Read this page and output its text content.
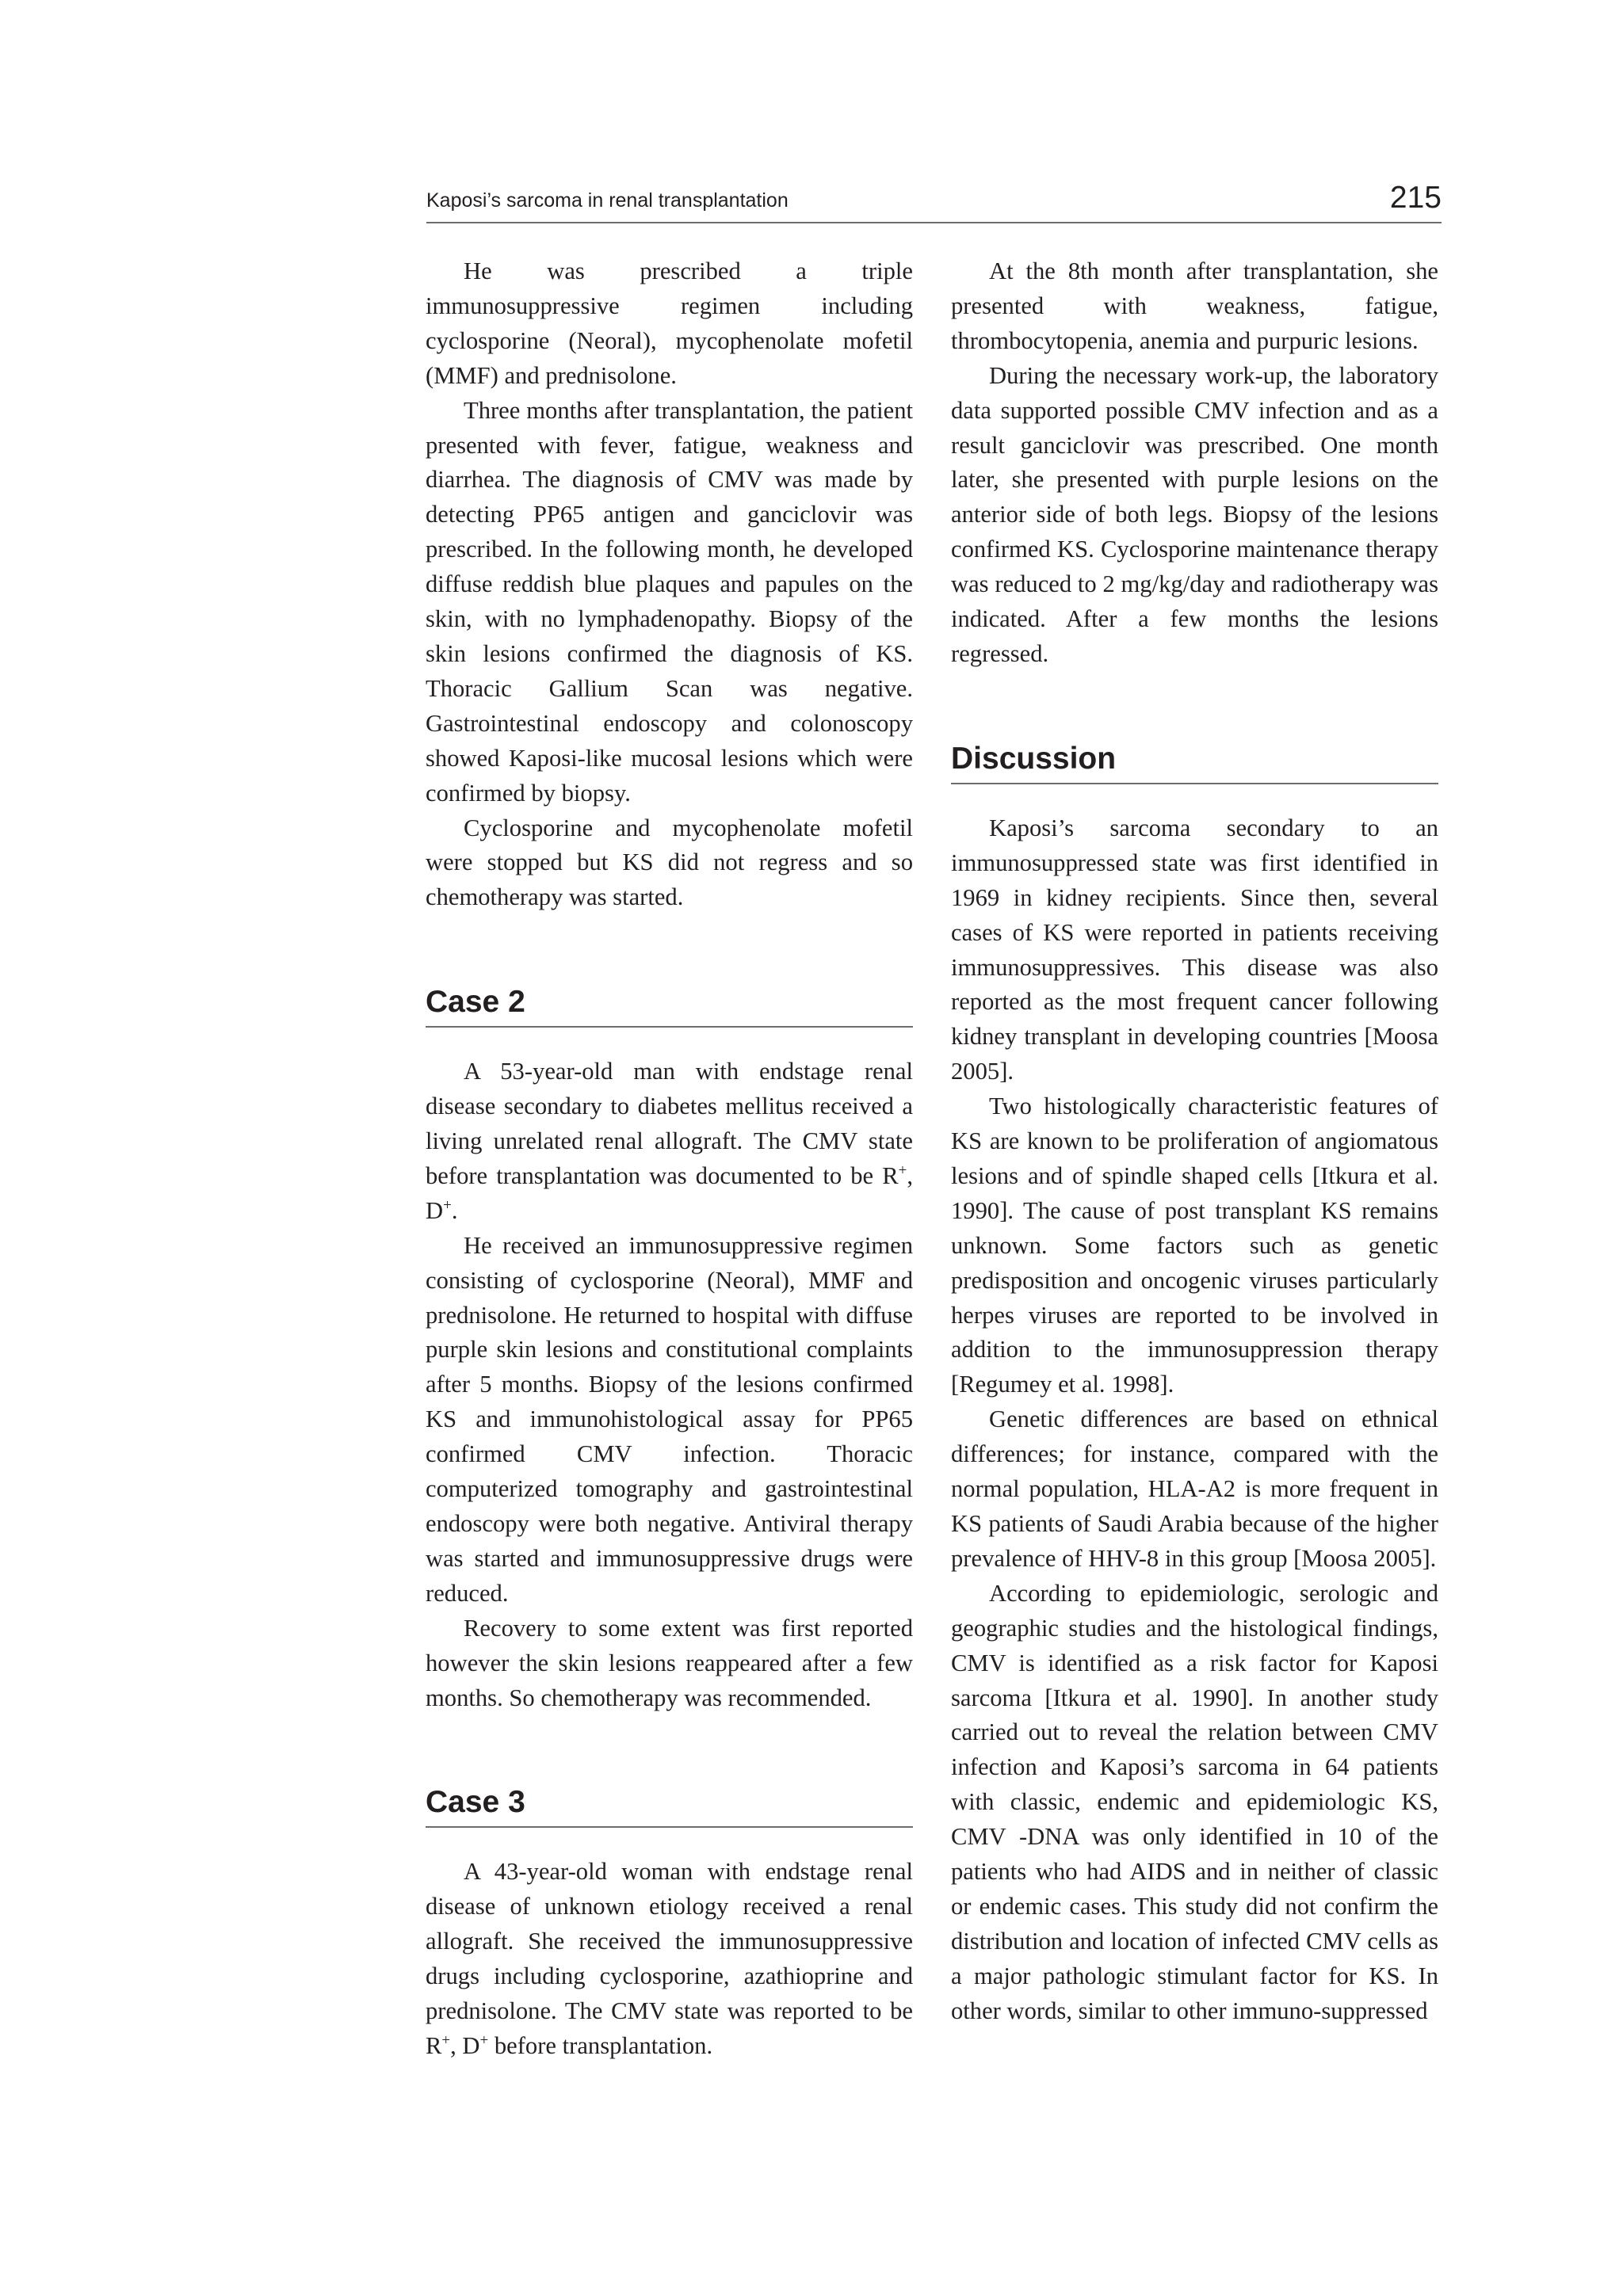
Kaposi’s sarcoma in renal transplantation	215

He was prescribed a triple immunosuppressive regimen including cyclosporine (Neoral), mycophenolate mofetil (MMF) and prednisolone.

Three months after transplantation, the patient presented with fever, fatigue, weakness and diarrhea. The diagnosis of CMV was made by detecting PP65 antigen and ganciclovir was prescribed. In the following month, he developed diffuse reddish blue plaques and papules on the skin, with no lymphadenopathy. Biopsy of the skin lesions confirmed the diagnosis of KS. Thoracic Gallium Scan was negative. Gastrointestinal endoscopy and colonoscopy showed Kaposi-like mucosal lesions which were confirmed by biopsy.

Cyclosporine and mycophenolate mofetil were stopped but KS did not regress and so chemotherapy was started.

Case 2

A 53-year-old man with endstage renal disease secondary to diabetes mellitus received a living unrelated renal allograft. The CMV state before transplantation was documented to be R+, D+.

He received an immunosuppressive regimen consisting of cyclosporine (Neoral), MMF and prednisolone. He returned to hospital with diffuse purple skin lesions and constitutional complaints after 5 months. Biopsy of the lesions confirmed KS and immunohistological assay for PP65 confirmed CMV infection. Thoracic computerized tomography and gastrointestinal endoscopy were both negative. Antiviral therapy was started and immunosuppressive drugs were reduced.

Recovery to some extent was first reported however the skin lesions reappeared after a few months. So chemotherapy was recommended.

Case 3

A 43-year-old woman with endstage renal disease of unknown etiology received a renal allograft. She received the immunosuppressive drugs including cyclosporine, azathioprine and prednisolone. The CMV state was reported to be R+, D+ before transplantation.

At the 8th month after transplantation, she presented with weakness, fatigue, thrombocytopenia, anemia and purpuric lesions.

During the necessary work-up, the laboratory data supported possible CMV infection and as a result ganciclovir was prescribed. One month later, she presented with purple lesions on the anterior side of both legs. Biopsy of the lesions confirmed KS. Cyclosporine maintenance therapy was reduced to 2 mg/kg/day and radiotherapy was indicated. After a few months the lesions regressed.

Discussion

Kaposi’s sarcoma secondary to an immunosuppressed state was first identified in 1969 in kidney recipients. Since then, several cases of KS were reported in patients receiving immunosuppressives. This disease was also reported as the most frequent cancer following kidney transplant in developing countries [Moosa 2005].

Two histologically characteristic features of KS are known to be proliferation of angiomatous lesions and of spindle shaped cells [Itkura et al. 1990]. The cause of post transplant KS remains unknown. Some factors such as genetic predisposition and oncogenic viruses particularly herpes viruses are reported to be involved in addition to the immunosuppression therapy [Regumey et al. 1998].

Genetic differences are based on ethnical differences; for instance, compared with the normal population, HLA-A2 is more frequent in KS patients of Saudi Arabia because of the higher prevalence of HHV-8 in this group [Moosa 2005].

According to epidemiologic, serologic and geographic studies and the histological findings, CMV is identified as a risk factor for Kaposi sarcoma [Itkura et al. 1990]. In another study carried out to reveal the relation between CMV infection and Kaposi’s sarcoma in 64 patients with classic, endemic and epidemiologic KS, CMV -DNA was only identified in 10 of the patients who had AIDS and in neither of classic or endemic cases. This study did not confirm the distribution and location of infected CMV cells as a major pathologic stimulant factor for KS. In other words, similar to other immuno-suppressed
